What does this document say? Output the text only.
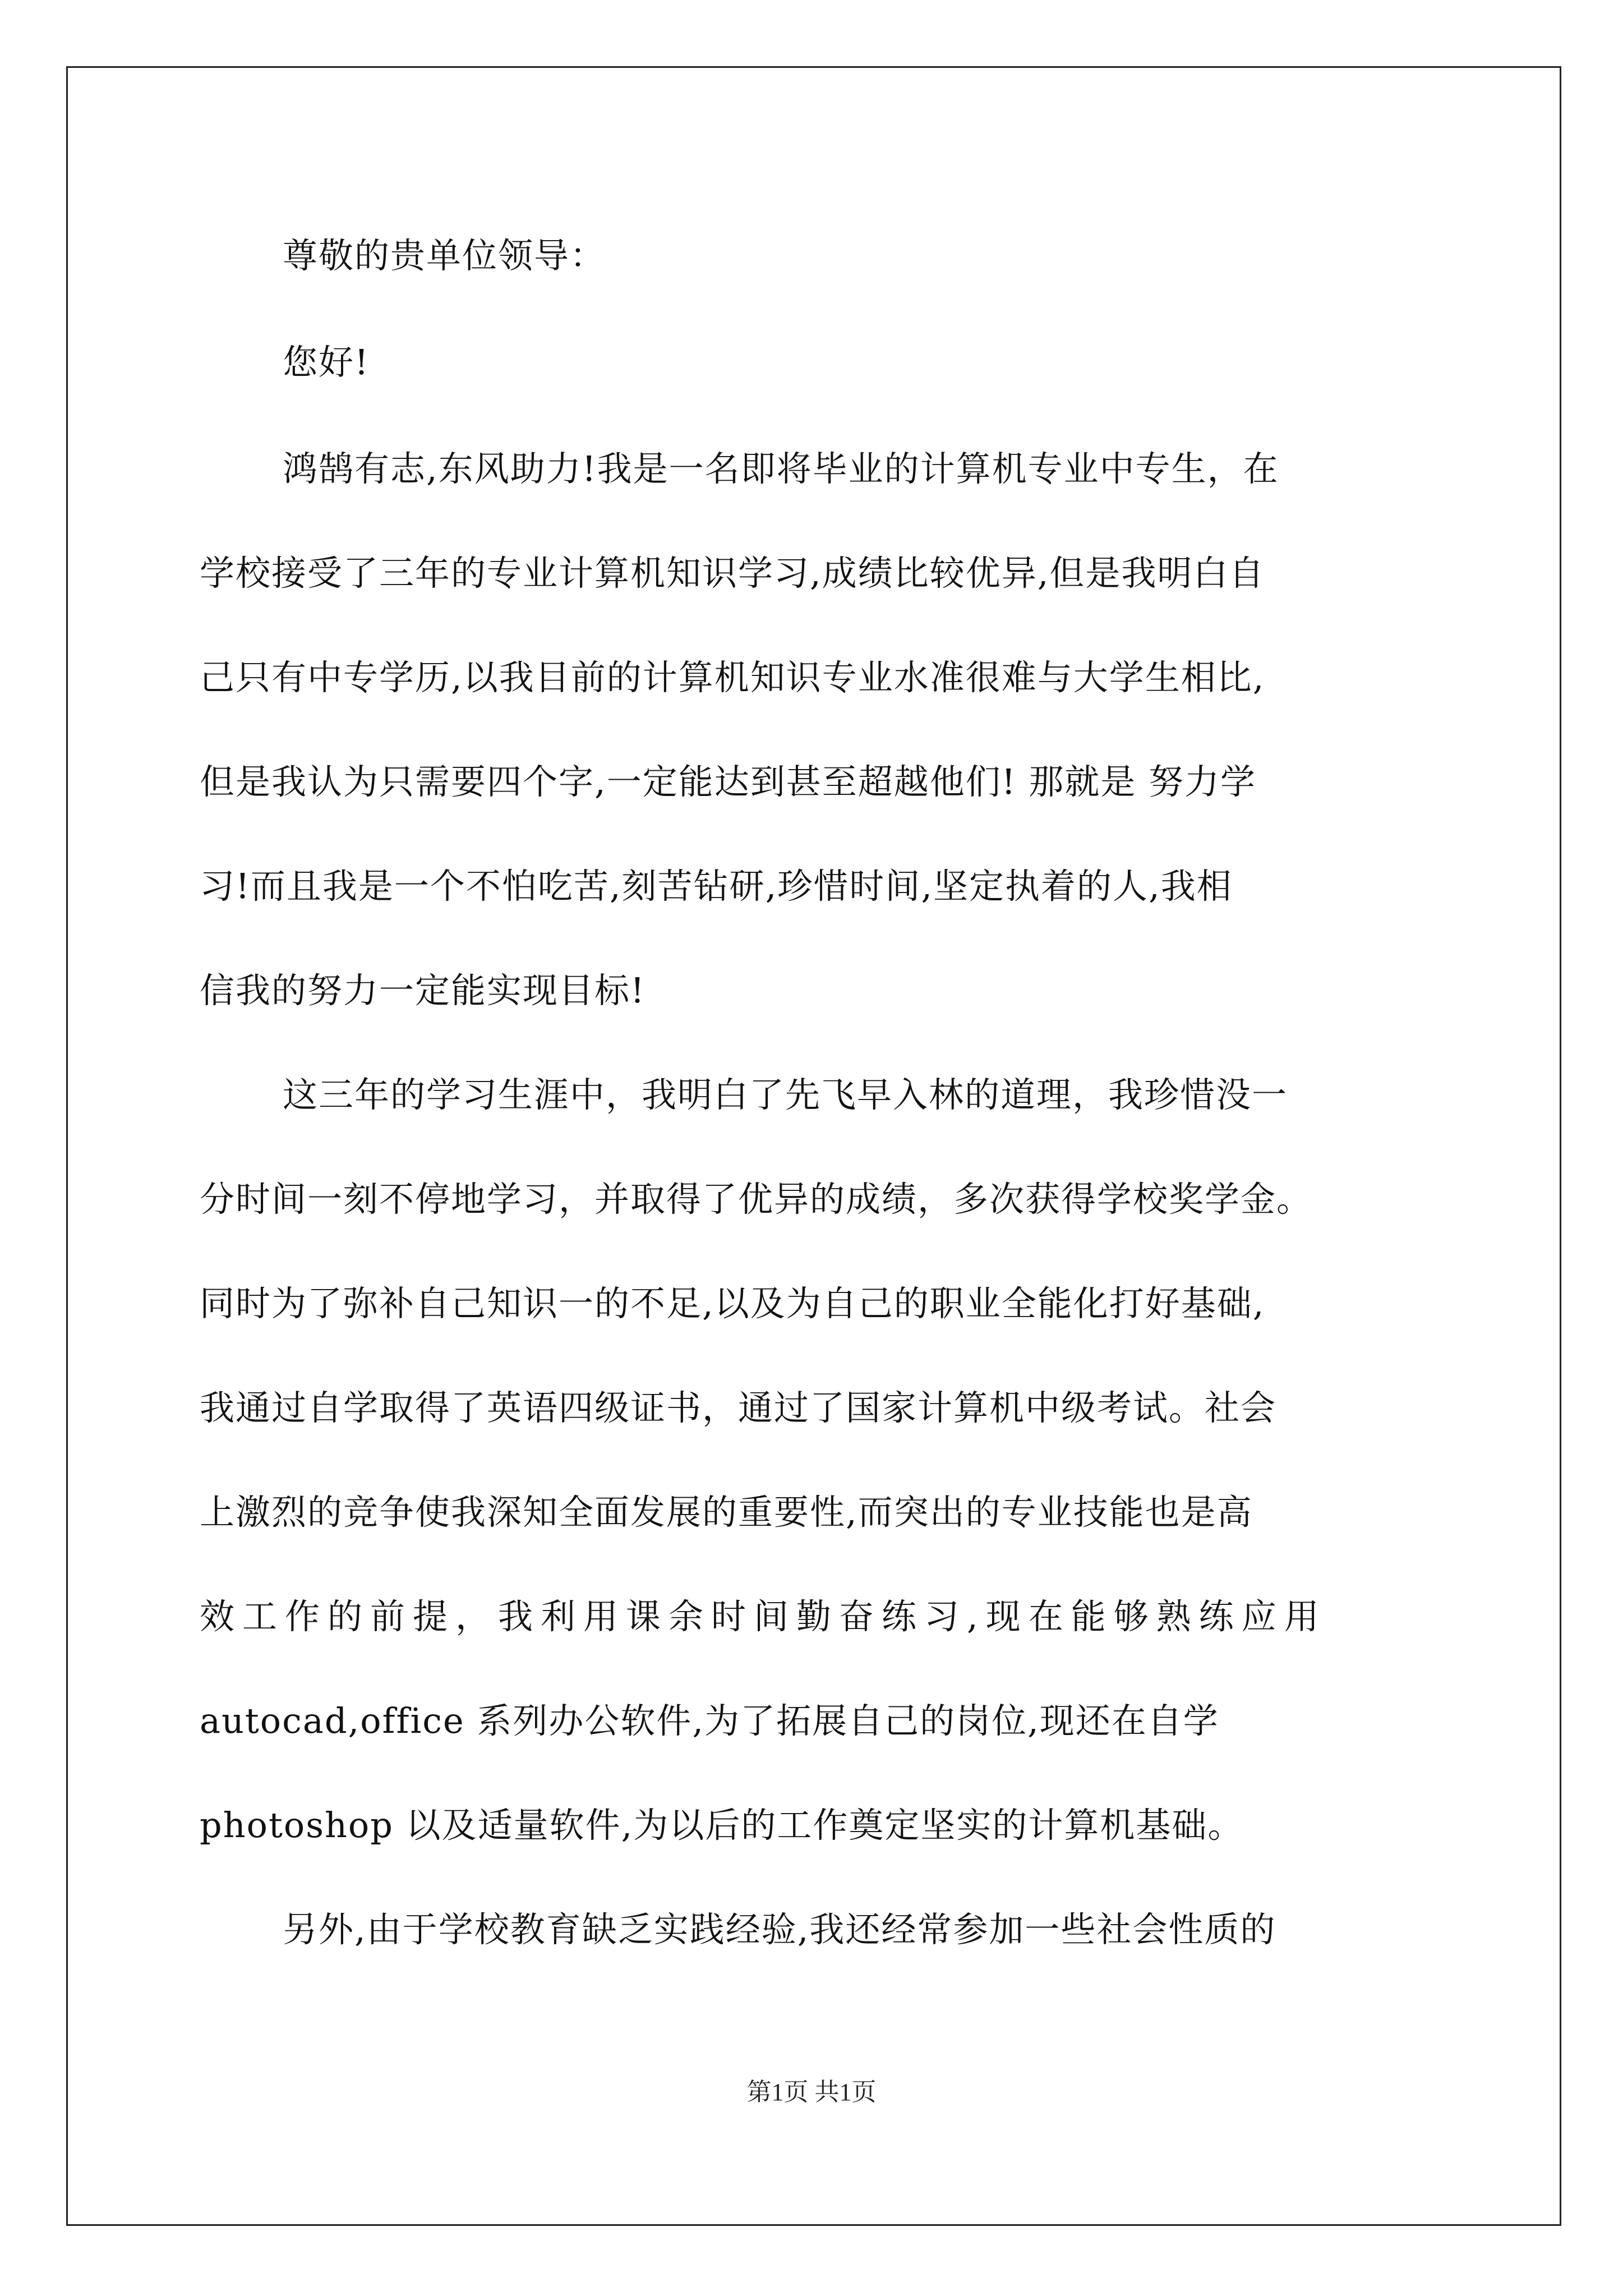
尊敬的贵单位领导：
您好!
鸿鹄有志,东风助力!我是一名即将毕业的计算机专业中专生，在
学校接受了三年的专业计算机知识学习,成绩比较优异,但是我明白自
己只有中专学历,以我目前的计算机知识专业水准很难与大学生相比,
但是我认为只需要四个字,一定能达到甚至超越他们! 那就是 努力学
习!而且我是一个不怕吃苦,刻苦钻研,珍惜时间,坚定执着的人,我相
信我的努力一定能实现目标!
这三年的学习生涯中，我明白了先飞早入林的道理，我珍惜没一
分时间一刻不停地学习，并取得了优异的成绩，多次获得学校奖学金。
同时为了弥补自己知识一的不足,以及为自己的职业全能化打好基础,
我通过自学取得了英语四级证书，通过了国家计算机中级考试。社会
上激烈的竞争使我深知全面发展的重要性,而突出的专业技能也是高
效工作的前提，我利用课余时间勤奋练习,现在能够熟练应用
autocad,office 系列办公软件,为了拓展自己的岗位,现还在自学
photoshop 以及适量软件,为以后的工作奠定坚实的计算机基础。
另外,由于学校教育缺乏实践经验,我还经常参加一些社会性质的
第1页 共1页
